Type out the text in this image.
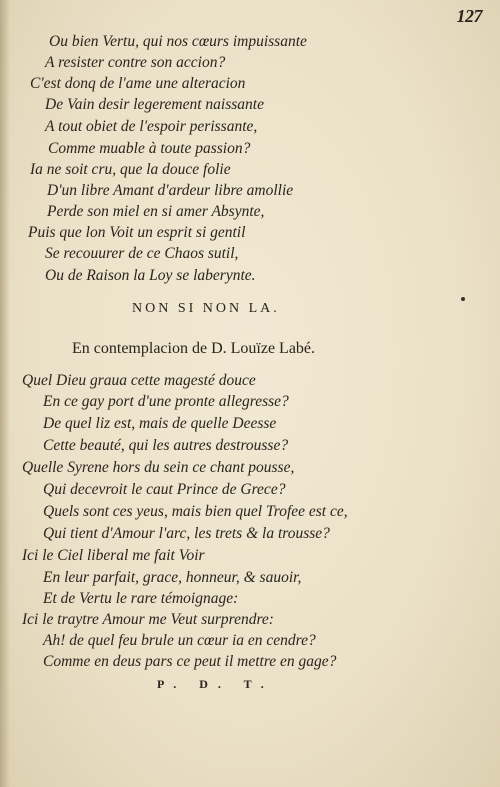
127
Ou bien Vertu, qui nos cœurs impuissante
A resister contre son accion?
C'est donq de l'ame une alteracion
De Vain desir legerement naissante
A tout obiet de l'espoir perissante,
Comme muable à toute passion?
Ia ne soit cru, que la douce folie
D'un libre Amant d'ardeur libre amollie
Perde son miel en si amer Absynte,
Puis que lon Voit un esprit si gentil
Se recouurer de ce Chaos sutil,
Ou de Raison la Loy se laberynte.
NON SI NON LA.
En contemplacion de D. Louïze Labé.
Quel Dieu graua cette magesté douce
En ce gay port d'une pronte allegresse?
De quel liz est, mais de quelle Deesse
Cette beauté, qui les autres destrousse?
Quelle Syrene hors du sein ce chant pousse,
Qui decevroit le caut Prince de Grece?
Quels sont ces yeus, mais bien quel Trofee est ce,
Qui tient d'Amour l'arc, les trets & la trousse?
Ici le Ciel liberal me fait Voir
En leur parfait, grace, honneur, & sauoir,
Et de Vertu le rare témoignage:
Ici le traytre Amour me Veut surprendre:
Ah! de quel feu brule un cœur ia en cendre?
Comme en deus pars ce peut il mettre en gage?
P. D. T.
